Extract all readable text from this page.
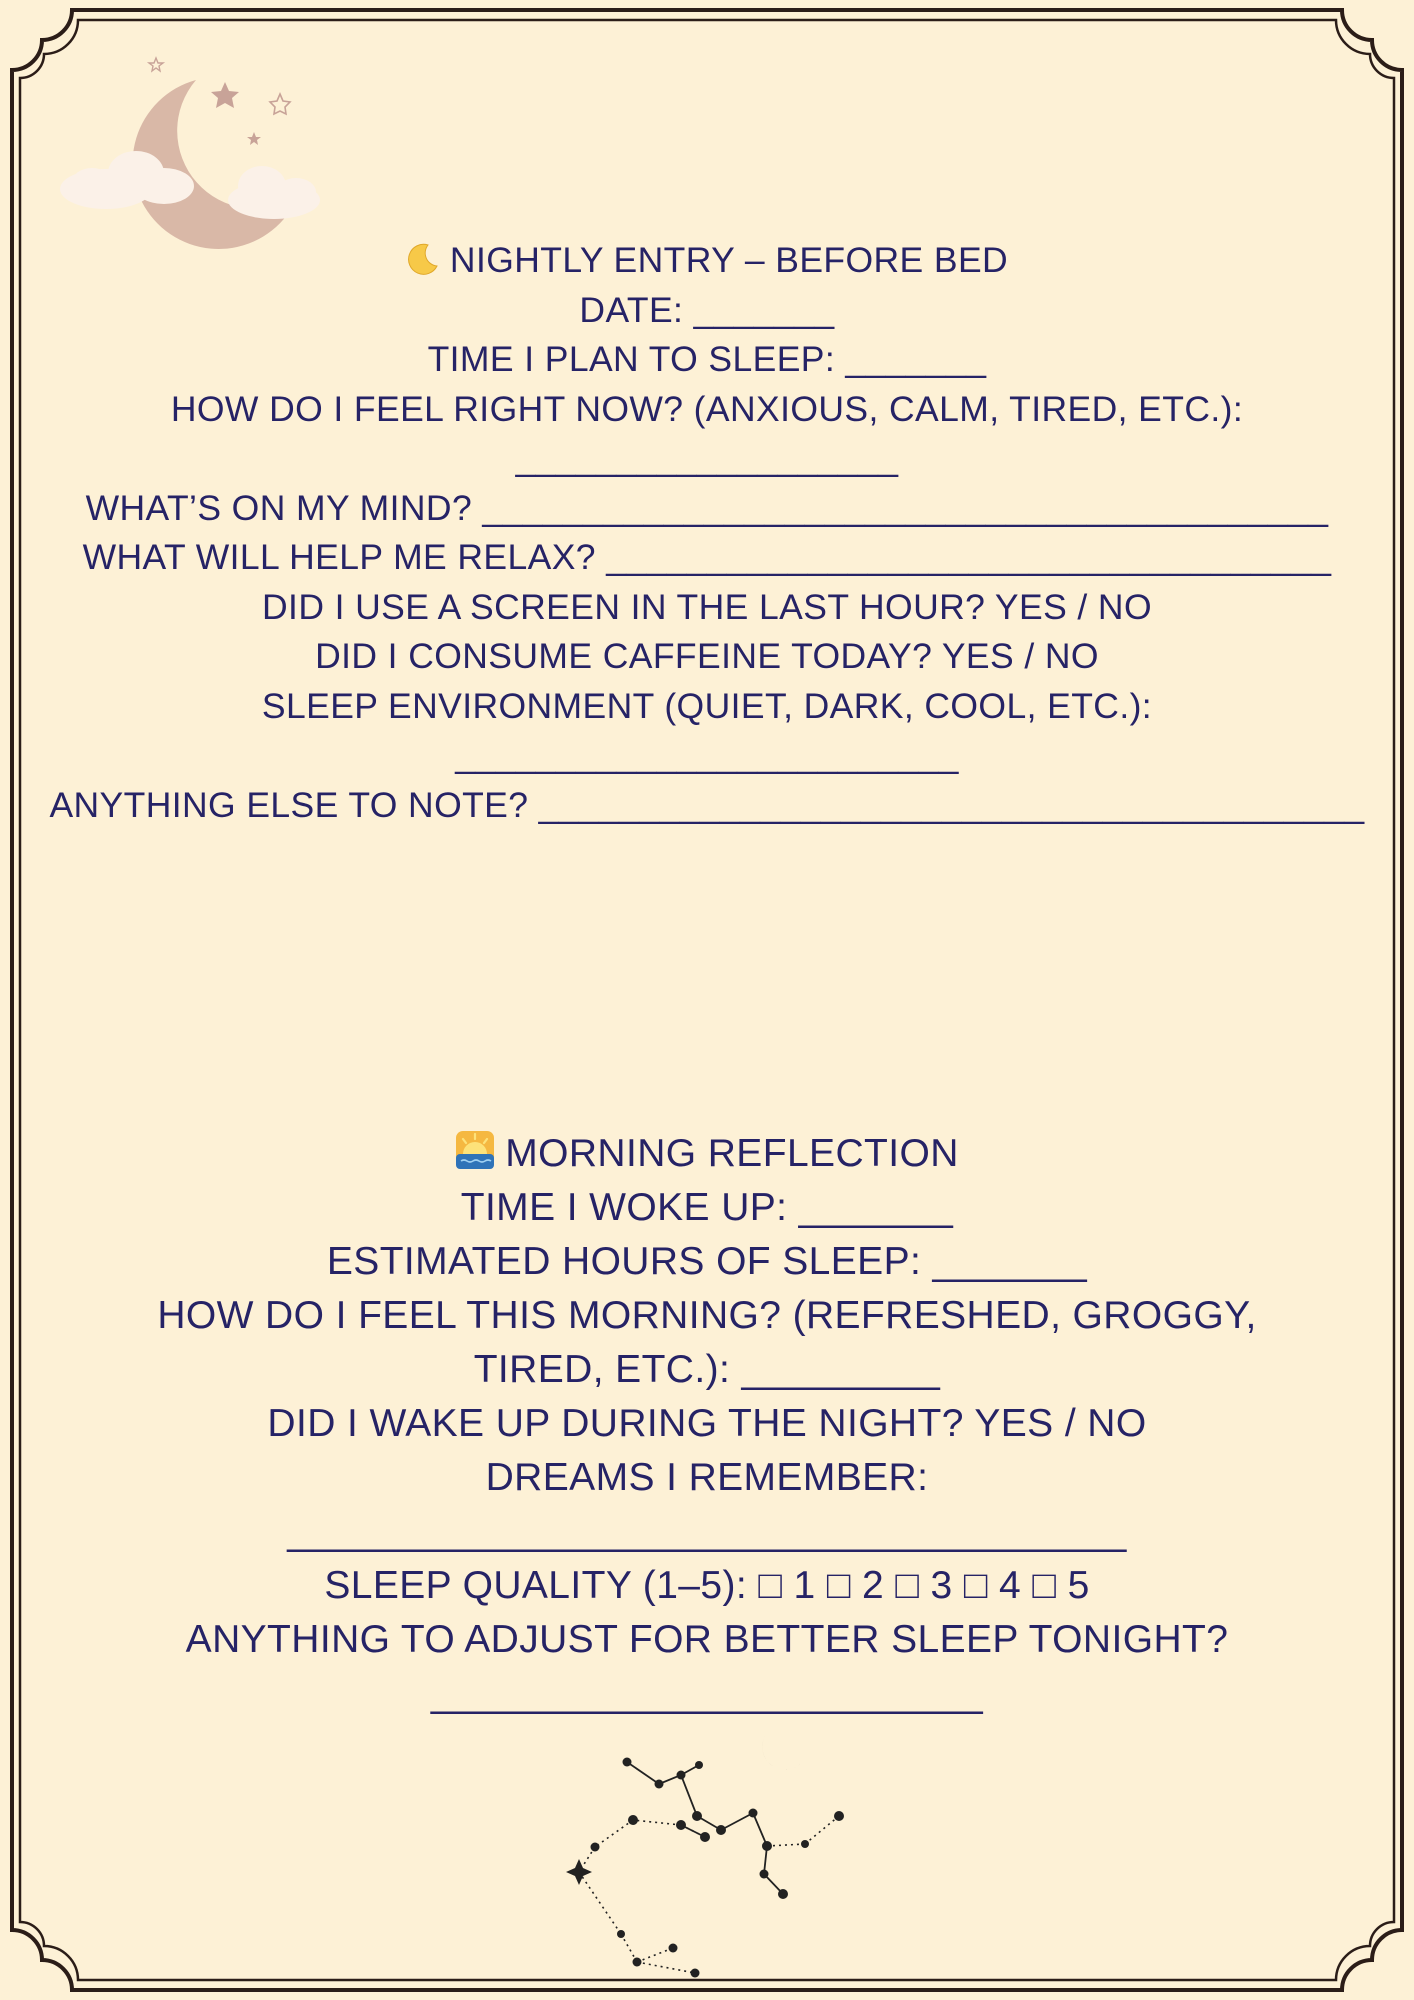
NIGHTLY ENTRY – BEFORE BED
DATE: _______
TIME I PLAN TO SLEEP: _______
HOW DO I FEEL RIGHT NOW? (ANXIOUS, CALM, TIRED, ETC.):
___________________
WHAT’S ON MY MIND? __________________________________________
WHAT WILL HELP ME RELAX? ____________________________________
DID I USE A SCREEN IN THE LAST HOUR? YES / NO
DID I CONSUME CAFFEINE TODAY? YES / NO
SLEEP ENVIRONMENT (QUIET, DARK, COOL, ETC.):
_________________________
ANYTHING ELSE TO NOTE? _________________________________________
MORNING REFLECTION
TIME I WOKE UP: _______
ESTIMATED HOURS OF SLEEP: _______
HOW DO I FEEL THIS MORNING? (REFRESHED, GROGGY,
TIRED, ETC.): _________
DID I WAKE UP DURING THE NIGHT? YES / NO
DREAMS I REMEMBER:
______________________________________
SLEEP QUALITY (1–5): □ 1 □ 2 □ 3 □ 4 □ 5
ANYTHING TO ADJUST FOR BETTER SLEEP TONIGHT?
_________________________
